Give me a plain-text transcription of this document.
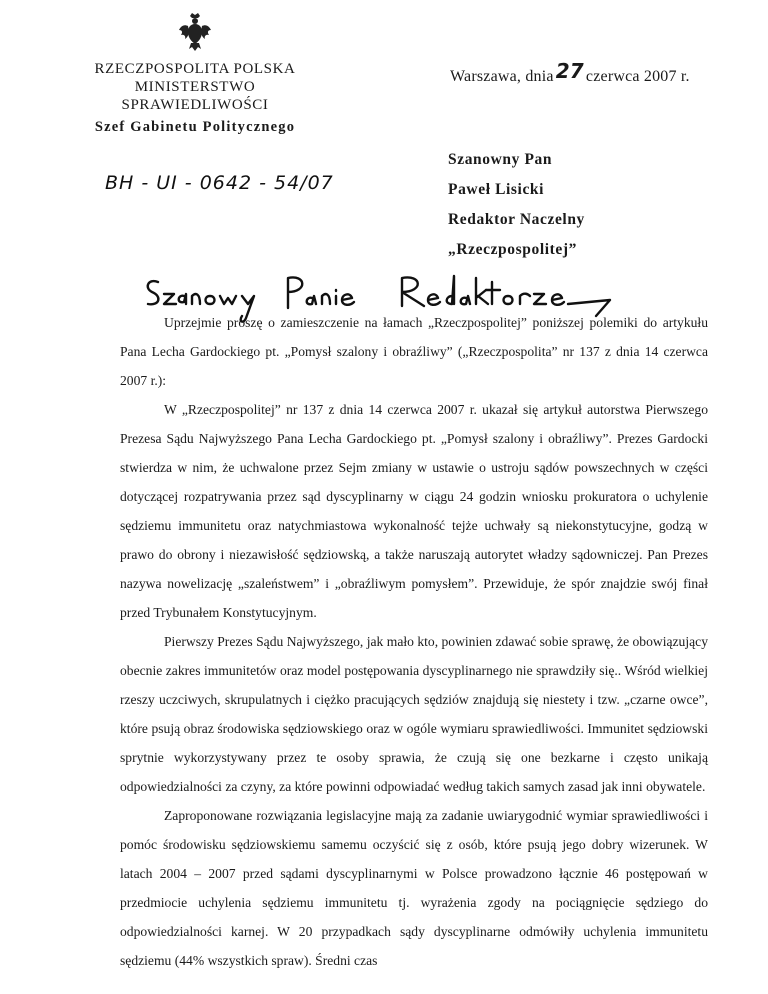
RZECZPOSPOLITA POLSKA
MINISTERSTWO SPRAWIEDLIWOŚCI
Szef Gabinetu Politycznego
Warszawa, dnia 27 czerwca 2007 r.
BH - UI - 0642 - 54/07
Szanowny Pan
Paweł Lisicki
Redaktor Naczelny
„Rzeczpospolitej”

Uprzejmie proszę o zamieszczenie na łamach „Rzeczpospolitej” poniższej polemiki do artykułu Pana Lecha Gardockiego pt. „Pomysł szalony i obraźliwy” („Rzeczpospolita” nr 137 z dnia 14 czerwca 2007 r.):

W „Rzeczpospolitej” nr 137 z dnia 14 czerwca 2007 r. ukazał się artykuł autorstwa Pierwszego Prezesa Sądu Najwyższego Pana Lecha Gardockiego pt. „Pomysł szalony i obraźliwy”. Prezes Gardocki stwierdza w nim, że uchwalone przez Sejm zmiany w ustawie o ustroju sądów powszechnych w części dotyczącej rozpatrywania przez sąd dyscyplinarny w ciągu 24 godzin wniosku prokuratora o uchylenie sędziemu immunitetu oraz natychmiastowa wykonalność tejże uchwały są niekonstytucyjne, godzą w prawo do obrony i niezawisłość sędziowską, a także naruszają autorytet władzy sądowniczej. Pan Prezes nazywa nowelizację „szaleństwem” i „obraźliwym pomysłem”. Przewiduje, że spór znajdzie swój finał przed Trybunałem Konstytucyjnym.

Pierwszy Prezes Sądu Najwyższego, jak mało kto, powinien zdawać sobie sprawę, że obowiązujący obecnie zakres immunitetów oraz model postępowania dyscyplinarnego nie sprawdziły się.. Wśród wielkiej rzeszy uczciwych, skrupulatnych i ciężko pracujących sędziów znajdują się niestety i tzw. „czarne owce”, które psują obraz środowiska sędziowskiego oraz w ogóle wymiaru sprawiedliwości. Immunitet sędziowski sprytnie wykorzystywany przez te osoby sprawia, że czują się one bezkarne i często unikają odpowiedzialności za czyny, za które powinni odpowiadać według takich samych zasad jak inni obywatele.

Zaproponowane rozwiązania legislacyjne mają za zadanie uwiarygodnić wymiar sprawiedliwości i pomóc środowisku sędziowskiemu samemu oczyścić się z osób, które psują jego dobry wizerunek. W latach 2004 – 2007 przed sądami dyscyplinarnymi w Polsce prowadzono łącznie 46 postępowań w przedmiocie uchylenia sędziemu immunitetu tj. wyrażenia zgody na pociągnięcie sędziego do odpowiedzialności karnej. W 20 przypadkach sądy dyscyplinarne odmówiły uchylenia immunitetu sędziemu (44% wszystkich spraw). Średni czas
